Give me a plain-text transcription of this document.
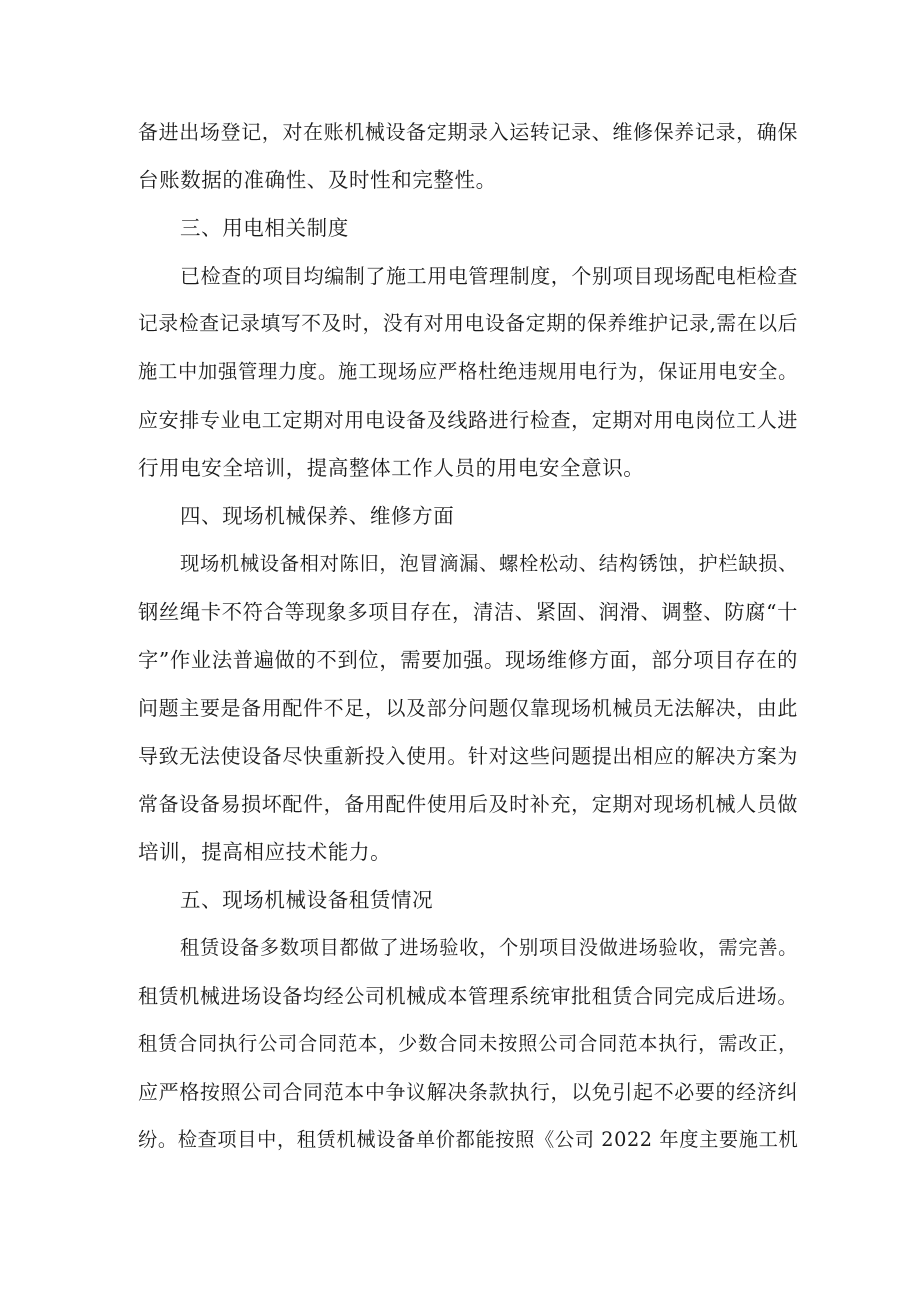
备进出场登记，对在账机械设备定期录入运转记录、维修保养记录，确保
台账数据的准确性、及时性和完整性。
三、用电相关制度
已检查的项目均编制了施工用电管理制度，个别项目现场配电柜检查
记录检查记录填写不及时，没有对用电设备定期的保养维护记录,需在以后
施工中加强管理力度。施工现场应严格杜绝违规用电行为，保证用电安全。
应安排专业电工定期对用电设备及线路进行检查，定期对用电岗位工人进
行用电安全培训，提高整体工作人员的用电安全意识。
四、现场机械保养、维修方面
现场机械设备相对陈旧，泡冒滴漏、螺栓松动、结构锈蚀，护栏缺损、
钢丝绳卡不符合等现象多项目存在，清洁、紧固、润滑、调整、防腐“十
字”作业法普遍做的不到位，需要加强。现场维修方面，部分项目存在的
问题主要是备用配件不足，以及部分问题仅靠现场机械员无法解决，由此
导致无法使设备尽快重新投入使用。针对这些问题提出相应的解决方案为
常备设备易损坏配件，备用配件使用后及时补充，定期对现场机械人员做
培训，提高相应技术能力。
五、现场机械设备租赁情况
租赁设备多数项目都做了进场验收，个别项目没做进场验收，需完善。
租赁机械进场设备均经公司机械成本管理系统审批租赁合同完成后进场。
租赁合同执行公司合同范本，少数合同未按照公司合同范本执行，需改正，
应严格按照公司合同范本中争议解决条款执行，以免引起不必要的经济纠
纷。检查项目中，租赁机械设备单价都能按照《公司 2022 年度主要施工机
